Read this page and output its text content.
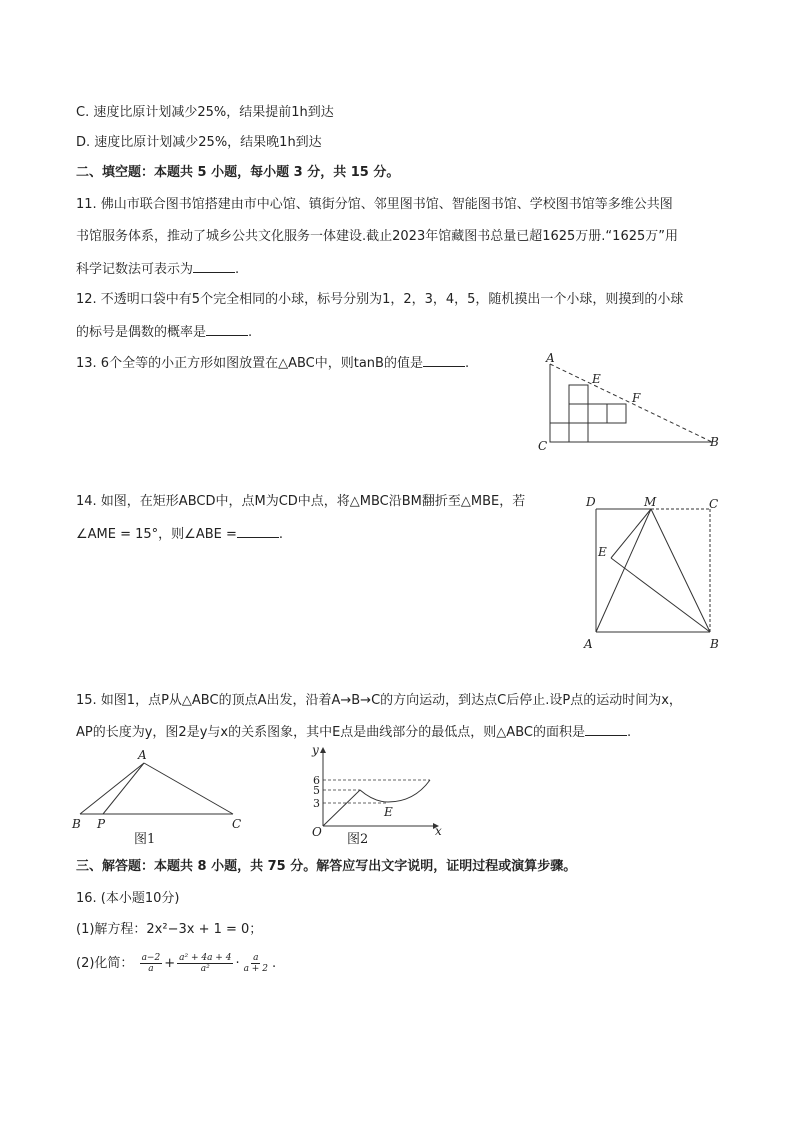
C. 速度比原计划减少25%，结果提前1h到达
D. 速度比原计划减少25%，结果晚1h到达
二、填空题：本题共 5 小题，每小题 3 分，共 15 分。
11. 佛山市联合图书馆搭建由市中心馆、镇街分馆、邻里图书馆、智能图书馆、学校图书馆等多维公共图
书馆服务体系，推动了城乡公共文化服务一体建设.截止2023年馆藏图书总量已超1625万册.“1625万”用
科学记数法可表示为	.
12. 不透明口袋中有5个完全相同的小球，标号分别为1，2，3，4，5，随机摸出一个小球，则摸到的小球
的标号是偶数的概率是	.
13. 6个全等的小正方形如图放置在△ABC中，则tanB的值是	.	A
E
F
C	B
14. 如图，在矩形ABCD中，点M为CD中点，将△MBC沿BM翻折至△MBE，若
∠AME = 15°，则∠ABE =	.
D	M	C
E
A	B
15. 如图1，点P从△ABC的顶点A出发，沿着A→B→C的方向运动，到达点C后停止.设P点的运动时间为x，
AP的长度为y，图2是y与x的关系图象，其中E点是曲线部分的最低点，则△ABC的面积是	.
A
B P	C
图1
y
x
O
E
6
5
3
图2
三、解答题：本题共 8 小题，共 75 分。解答应写出文字说明，证明过程或演算步骤。
16. (本小题10分)
(1)解方程：2x²−3x + 1 = 0；
(2)化简： $\frac{a-2}{a} + \frac{\text{a² + 4a + 4}}{\text{a²}} \cdot \frac{a}{a + 2}$ .
